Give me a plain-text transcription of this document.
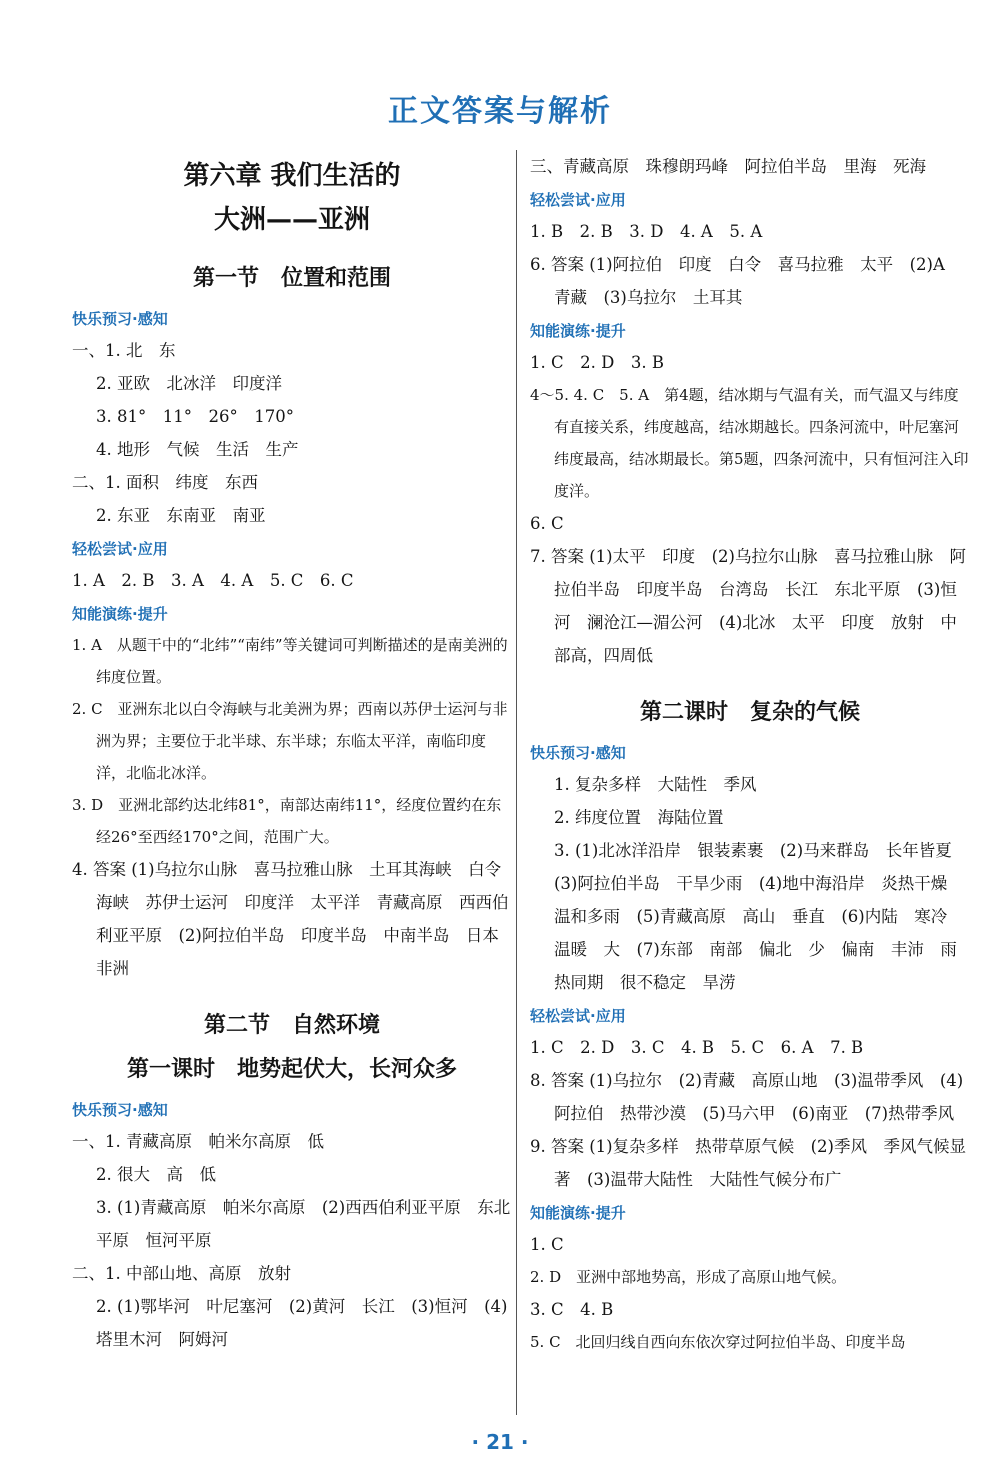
正文答案与解析
第六章 我们生活的
大洲——亚洲
第一节　位置和范围
快乐预习·感知
一、1. 北　东
2. 亚欧　北冰洋　印度洋
3. 81°　11°　26°　170°
4. 地形　气候　生活　生产
二、1. 面积　纬度　东西
2. 东亚　东南亚　南亚
轻松尝试·应用
1. A　2. B　3. A　4. A　5. C　6. C
知能演练·提升
1. A　从题干中的“北纬”“南纬”等关键词可判断描述的是南美洲的纬度位置。
2. C　亚洲东北以白令海峡与北美洲为界；西南以苏伊士运河与非洲为界；主要位于北半球、东半球；东临太平洋，南临印度洋，北临北冰洋。
3. D　亚洲北部约达北纬81°，南部达南纬11°，经度位置约在东经26°至西经170°之间，范围广大。
4. 答案 (1)乌拉尔山脉　喜马拉雅山脉　土耳其海峡　白令海峡　苏伊士运河　印度洋　太平洋　青藏高原　西西伯利亚平原　(2)阿拉伯半岛　印度半岛　中南半岛　日本　非洲
第二节　自然环境
第一课时　地势起伏大，长河众多
快乐预习·感知
一、1. 青藏高原　帕米尔高原　低
2. 很大　高　低
3. (1)青藏高原　帕米尔高原　(2)西西伯利亚平原　东北平原　恒河平原
二、1. 中部山地、高原　放射
2. (1)鄂毕河　叶尼塞河　(2)黄河　长江　(3)恒河　(4)塔里木河　阿姆河
三、青藏高原　珠穆朗玛峰　阿拉伯半岛　里海　死海
轻松尝试·应用
1. B　2. B　3. D　4. A　5. A
6. 答案 (1)阿拉伯　印度　白令　喜马拉雅　太平　(2)A　青藏　(3)乌拉尔　土耳其
知能演练·提升
1. C　2. D　3. B
4～5. 4. C　5. A　第4题，结冰期与气温有关，而气温又与纬度有直接关系，纬度越高，结冰期越长。四条河流中，叶尼塞河纬度最高，结冰期最长。第5题，四条河流中，只有恒河注入印度洋。
6. C
7. 答案 (1)太平　印度　(2)乌拉尔山脉　喜马拉雅山脉　阿拉伯半岛　印度半岛　台湾岛　长江　东北平原　(3)恒河　澜沧江—湄公河　(4)北冰　太平　印度　放射　中部高，四周低
第二课时　复杂的气候
快乐预习·感知
1. 复杂多样　大陆性　季风
2. 纬度位置　海陆位置
3. (1)北冰洋沿岸　银装素裹　(2)马来群岛　长年皆夏　(3)阿拉伯半岛　干旱少雨　(4)地中海沿岸　炎热干燥　温和多雨　(5)青藏高原　高山　垂直　(6)内陆　寒冷　温暖　大　(7)东部　南部　偏北　少　偏南　丰沛　雨热同期　很不稳定　旱涝
轻松尝试·应用
1. C　2. D　3. C　4. B　5. C　6. A　7. B
8. 答案 (1)乌拉尔　(2)青藏　高原山地　(3)温带季风　(4)阿拉伯　热带沙漠　(5)马六甲　(6)南亚　(7)热带季风
9. 答案 (1)复杂多样　热带草原气候　(2)季风　季风气候显著　(3)温带大陆性　大陆性气候分布广
知能演练·提升
1. C
2. D　亚洲中部地势高，形成了高原山地气候。
3. C　4. B
5. C　北回归线自西向东依次穿过阿拉伯半岛、印度半岛
· 21 ·
